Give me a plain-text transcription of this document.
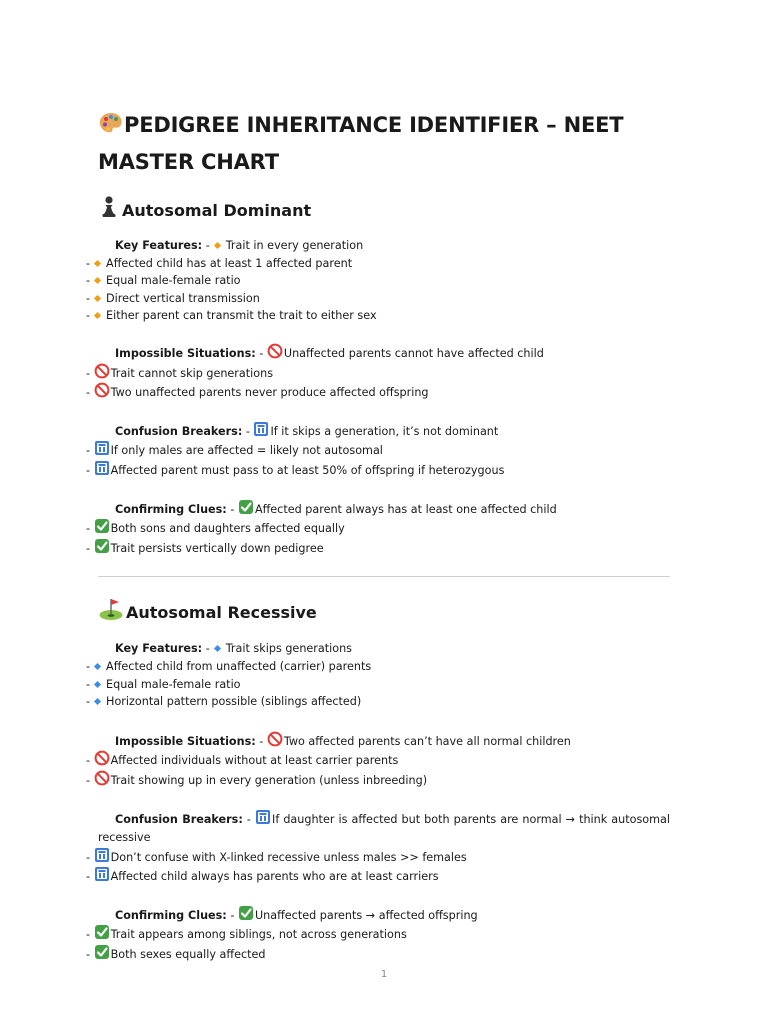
PEDIGREE INHERITANCE IDENTIFIER – NEET
MASTER CHART
Autosomal Dominant
Key Features: - Trait in every generation
- Affected child has at least 1 affected parent
- Equal male-female ratio
- Direct vertical transmission
- Either parent can transmit the trait to either sex
Impossible Situations: - Unaffected parents cannot have affected child
- Trait cannot skip generations
- Two unaffected parents never produce affected offspring
Confusion Breakers: - If it skips a generation, it’s not dominant
- If only males are affected = likely not autosomal
- Affected parent must pass to at least 50% of offspring if heterozygous
Confirming Clues: - Affected parent always has at least one affected child
- Both sons and daughters affected equally
- Trait persists vertically down pedigree
Autosomal Recessive
Key Features: - Trait skips generations
- Affected child from unaffected (carrier) parents
- Equal male-female ratio
- Horizontal pattern possible (siblings affected)
Impossible Situations: - Two affected parents can’t have all normal children
- Affected individuals without at least carrier parents
- Trait showing up in every generation (unless inbreeding)
Confusion Breakers: - If daughter is affected but both parents are normal → think autosomal
recessive
- Don’t confuse with X-linked recessive unless males >> females
- Affected child always has parents who are at least carriers
Confirming Clues: - Unaffected parents → affected offspring
- Trait appears among siblings, not across generations
- Both sexes equally affected
1
